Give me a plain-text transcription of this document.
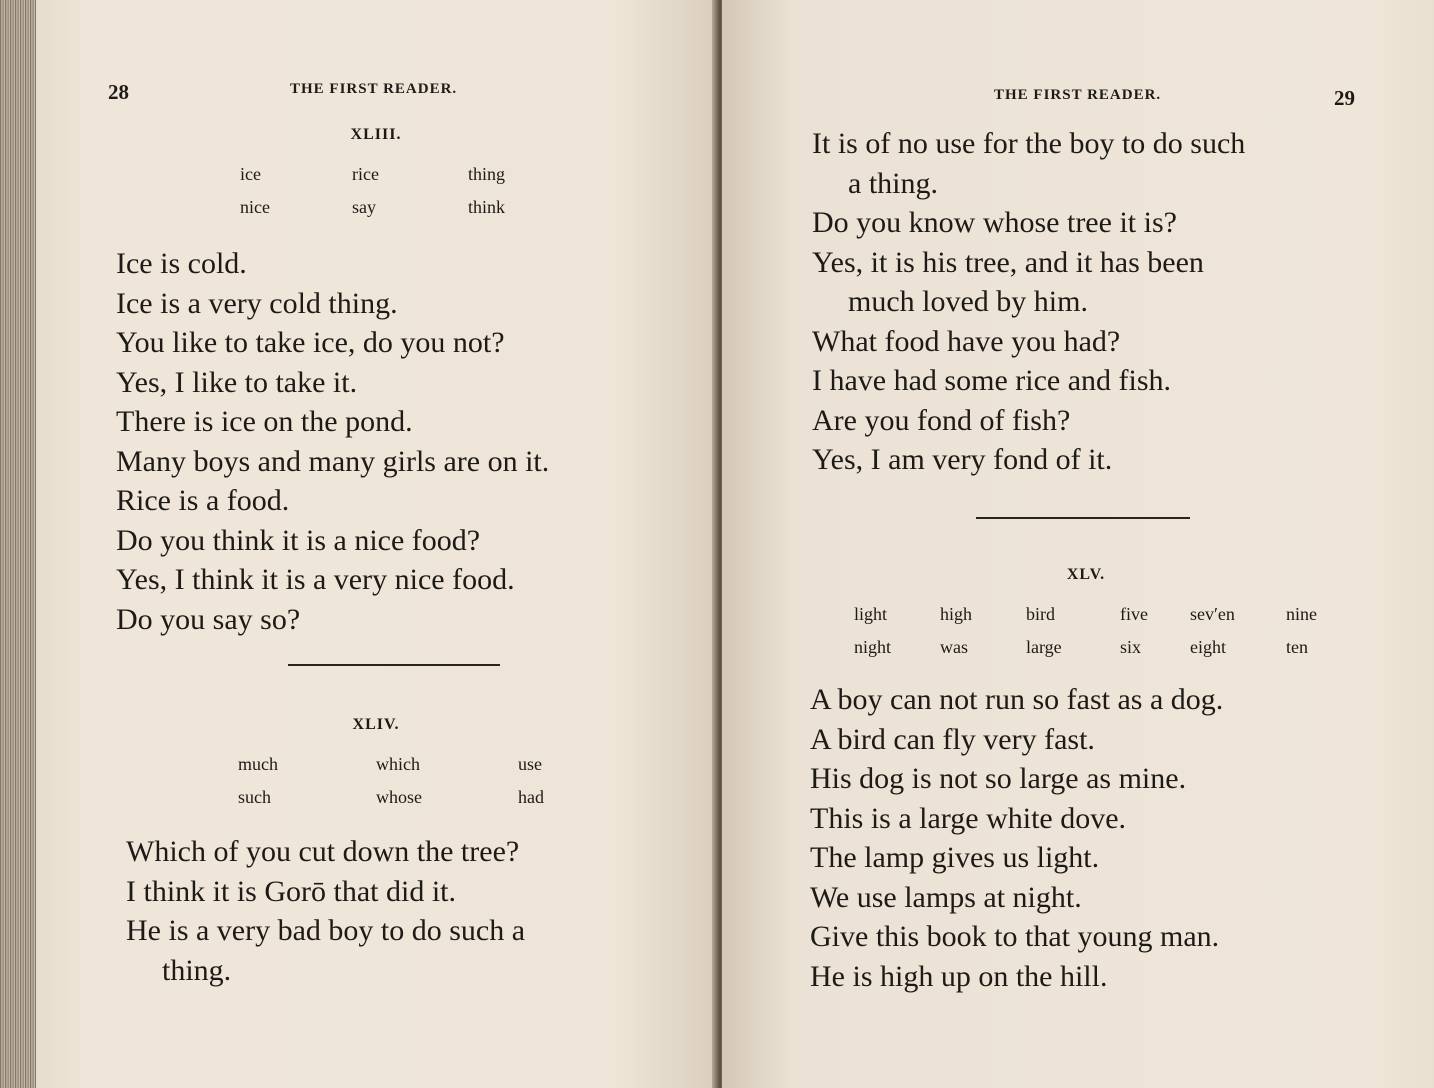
28	THE FIRST READER.
XLIII.
ice	rice	thing
nice	say	think
Ice is cold.
Ice is a very cold thing.
You like to take ice, do you not?
Yes, I like to take it.
There is ice on the pond.
Many boys and many girls are on it.
Rice is a food.
Do you think it is a nice food?
Yes, I think it is a very nice food.
Do you say so?
XLIV.
much	which	use
such	whose	had
Which of you cut down the tree?
I think it is Gorō that did it.
He is a very bad boy to do such a
thing.
THE FIRST READER.	29
It is of no use for the boy to do such
a thing.
Do you know whose tree it is?
Yes, it is his tree, and it has been
much loved by him.
What food have you had?
I have had some rice and fish.
Are you fond of fish?
Yes, I am very fond of it.
XLV.
light	high	bird	five	sev′en	nine
night	was	large	six	eight	ten
A boy can not run so fast as a dog.
A bird can fly very fast.
His dog is not so large as mine.
This is a large white dove.
The lamp gives us light.
We use lamps at night.
Give this book to that young man.
He is high up on the hill.
